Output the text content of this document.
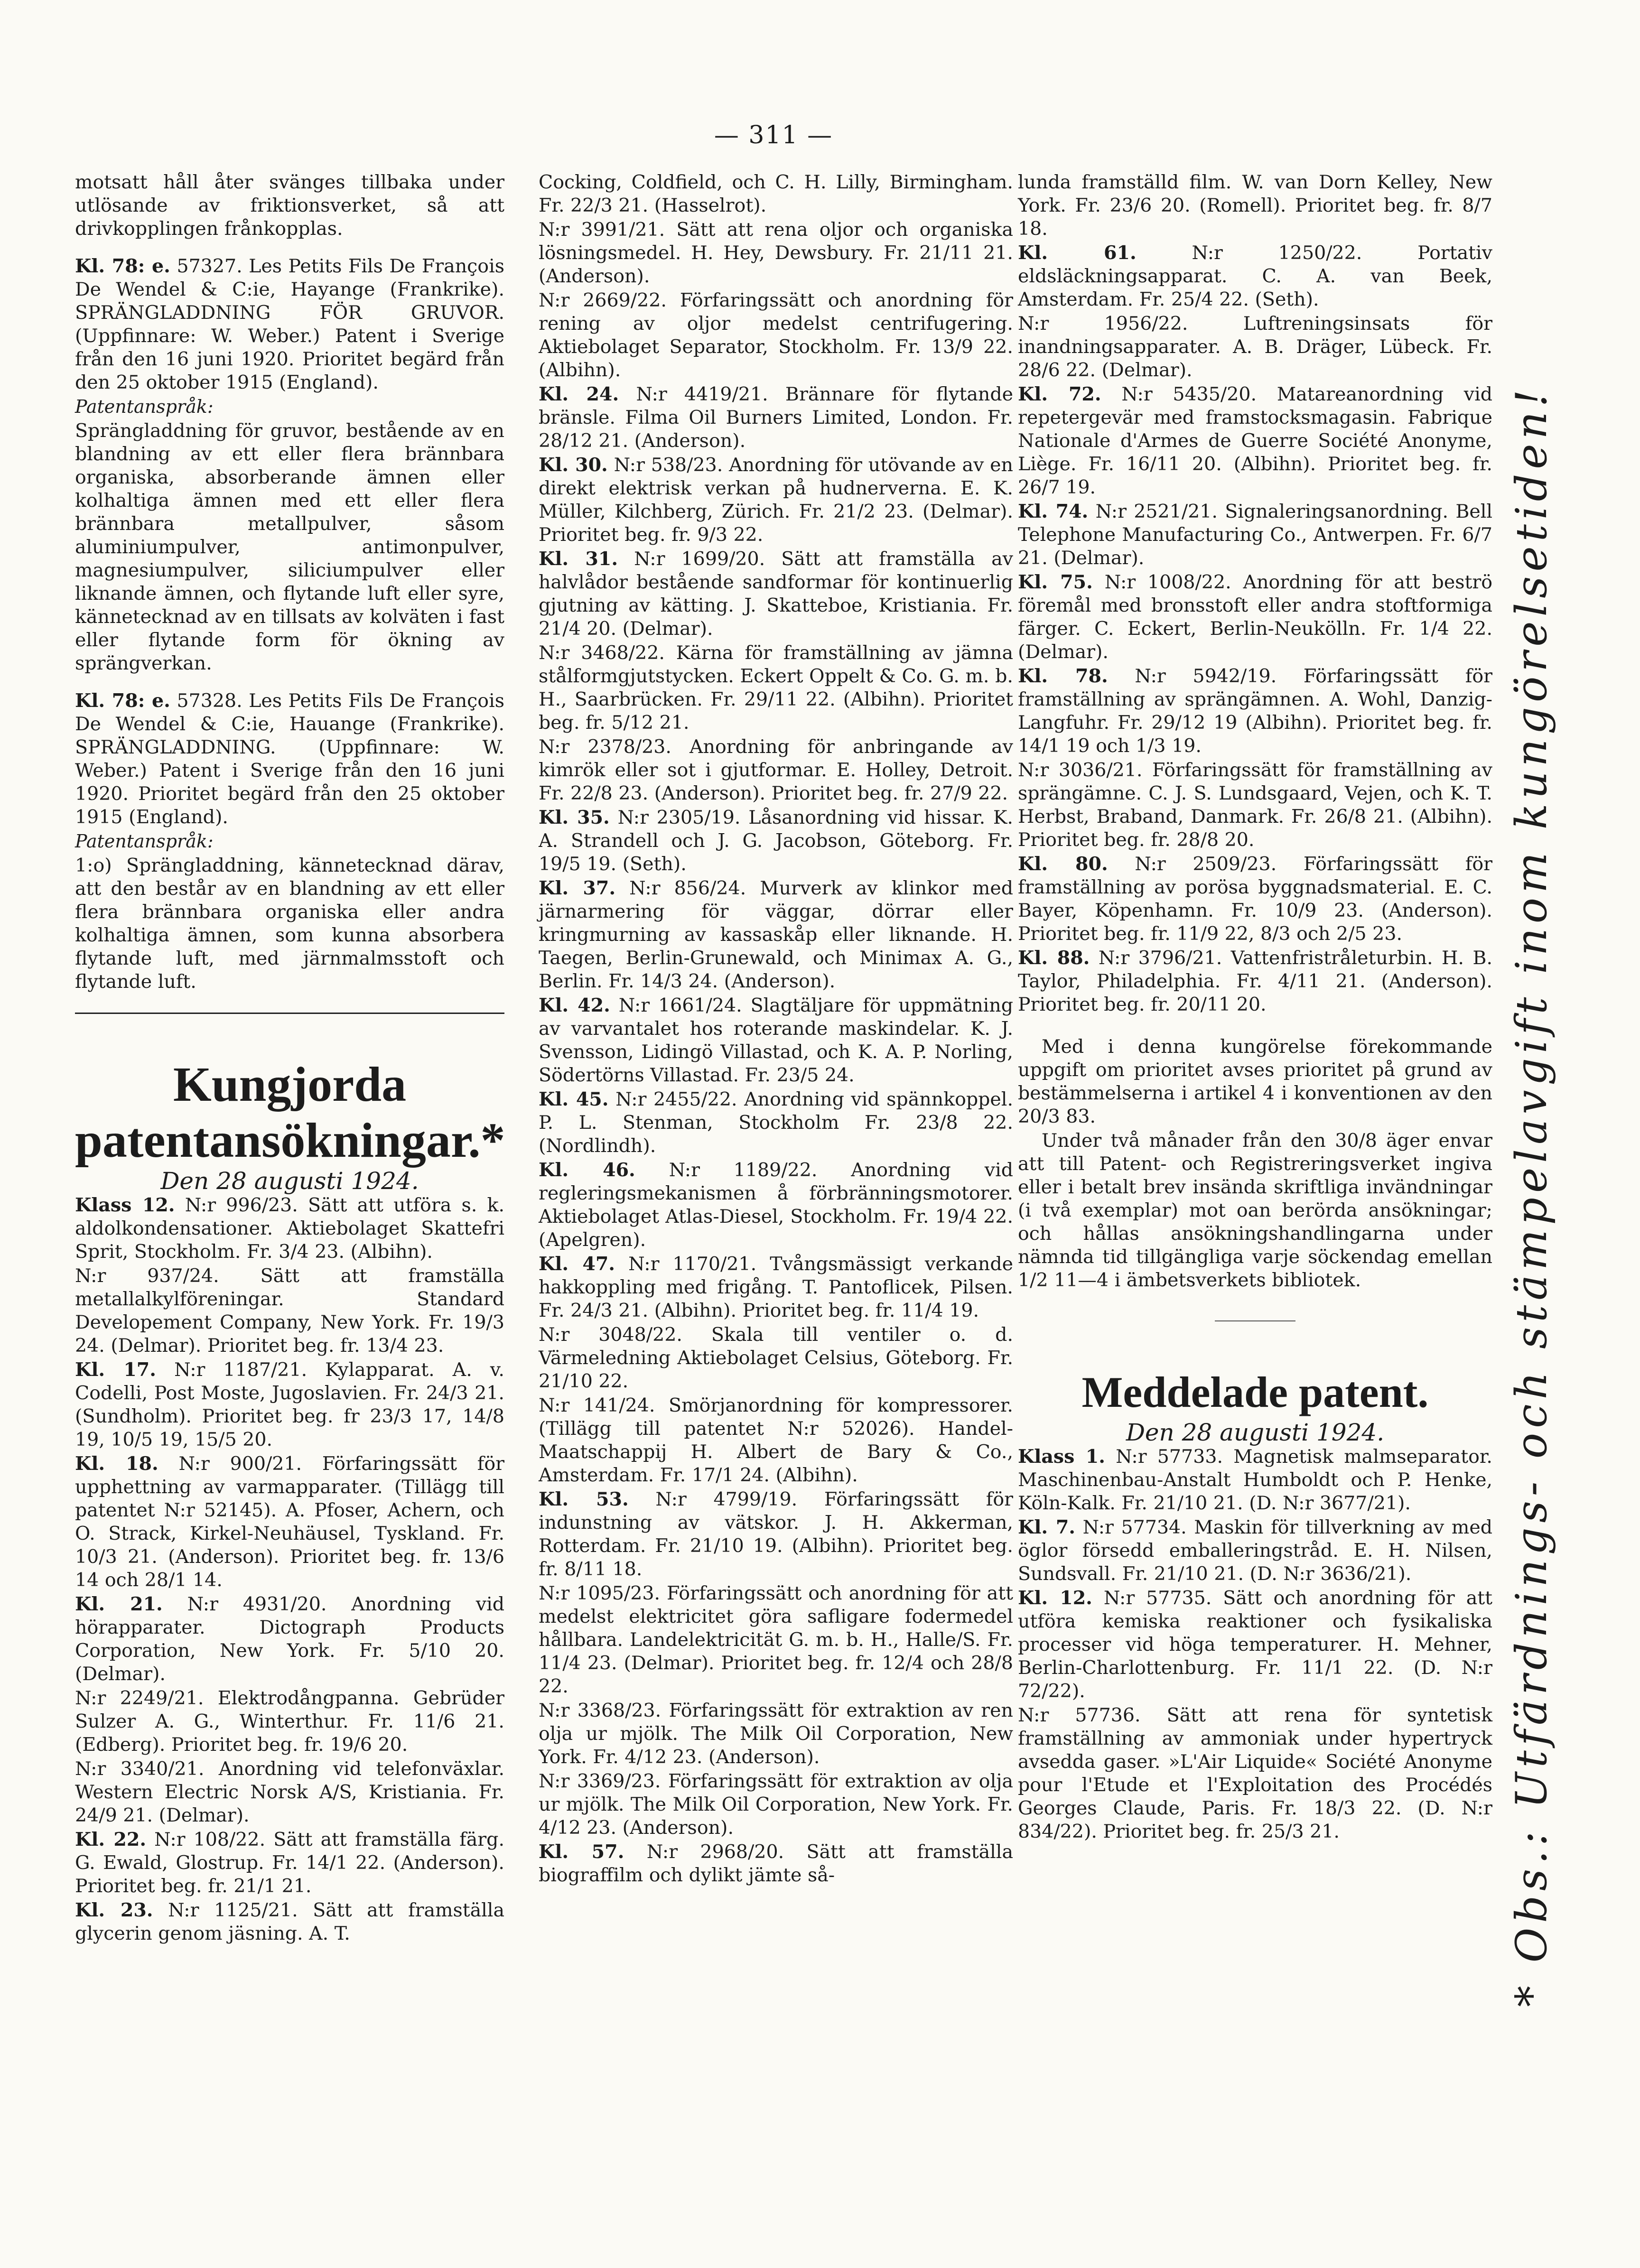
— 311 —

motsatt håll åter svänges tillbaka under utlösande av friktionsverket, så att drivkopplingen frånkopplas.

Kl. 78: e. 57327. Les Petits Fils De François De Wendel & C:ie, Hayange (Frankrike). SPRÄNGLADDNING FÖR GRUVOR. (Uppfinnare: W. Weber.) Patent i Sverige från den 16 juni 1920. Prioritet begärd från den 25 oktober 1915 (England).

Patentanspråk:

Sprängladdning för gruvor, bestående av en blandning av ett eller flera brännbara organiska, absorberande ämnen eller kolhaltiga ämnen med ett eller flera brännbara metallpulver, såsom aluminiumpulver, antimonpulver, magnesiumpulver, siliciumpulver eller liknande ämnen, och flytande luft eller syre, kännetecknad av en tillsats av kolväten i fast eller flytande form för ökning av sprängverkan.

Kl. 78: e. 57328. Les Petits Fils De François De Wendel & C:ie, Hauange (Frankrike). SPRÄNGLADDNING. (Uppfinnare: W. Weber.) Patent i Sverige från den 16 juni 1920. Prioritet begärd från den 25 oktober 1915 (England).

Patentanspråk:

1:o) Sprängladdning, kännetecknad därav, att den består av en blandning av ett eller flera brännbara organiska eller andra kolhaltiga ämnen, som kunna absorbera flytande luft, med järnmalmsstoft och flytande luft.

Kungjorda patentansökningar.*

Den 28 augusti 1924.

Klass 12. N:r 996/23. Sätt att utföra s. k. aldolkondensationer. Aktiebolaget Skattefri Sprit, Stockholm. Fr. 3/4 23. (Albihn).

N:r 937/24. Sätt att framställa metallalkylföreningar. Standard Developement Company, New York. Fr. 19/3 24. (Delmar). Prioritet beg. fr. 13/4 23.

Kl. 17. N:r 1187/21. Kylapparat. A. v. Codelli, Post Moste, Jugoslavien. Fr. 24/3 21. (Sundholm). Prioritet beg. fr 23/3 17, 14/8 19, 10/5 19, 15/5 20.

Kl. 18. N:r 900/21. Förfaringssätt för upphettning av varmapparater. (Tillägg till patentet N:r 52145). A. Pfoser, Achern, och O. Strack, Kirkel-Neuhäusel, Tyskland. Fr. 10/3 21. (Anderson). Prioritet beg. fr. 13/6 14 och 28/1 14.

Kl. 21. N:r 4931/20. Anordning vid hörapparater. Dictograph Products Corporation, New York. Fr. 5/10 20. (Delmar).

N:r 2249/21. Elektrodångpanna. Gebrüder Sulzer A. G., Winterthur. Fr. 11/6 21. (Edberg). Prioritet beg. fr. 19/6 20.

N:r 3340/21. Anordning vid telefonväxlar. Western Electric Norsk A/S, Kristiania. Fr. 24/9 21. (Delmar).

Kl. 22. N:r 108/22. Sätt att framställa färg. G. Ewald, Glostrup. Fr. 14/1 22. (Anderson). Prioritet beg. fr. 21/1 21.

Kl. 23. N:r 1125/21. Sätt att framställa glycerin genom jäsning. A. T.

Cocking, Coldfield, och C. H. Lilly, Birmingham. Fr. 22/3 21. (Hasselrot).

N:r 3991/21. Sätt att rena oljor och organiska lösningsmedel. H. Hey, Dewsbury. Fr. 21/11 21. (Anderson).

N:r 2669/22. Förfaringssätt och anordning för rening av oljor medelst centrifugering. Aktiebolaget Separator, Stockholm. Fr. 13/9 22. (Albihn).

Kl. 24. N:r 4419/21. Brännare för flytande bränsle. Filma Oil Burners Limited, London. Fr. 28/12 21. (Anderson).

Kl. 30. N:r 538/23. Anordning för utövande av en direkt elektrisk verkan på hudnerverna. E. K. Müller, Kilchberg, Zürich. Fr. 21/2 23. (Delmar). Prioritet beg. fr. 9/3 22.

Kl. 31. N:r 1699/20. Sätt att framställa av halvlådor bestående sandformar för kontinuerlig gjutning av kätting. J. Skatteboe, Kristiania. Fr. 21/4 20. (Delmar).

N:r 3468/22. Kärna för framställning av jämna stålformgjutstycken. Eckert Oppelt & Co. G. m. b. H., Saarbrücken. Fr. 29/11 22. (Albihn). Prioritet beg. fr. 5/12 21.

N:r 2378/23. Anordning för anbringande av kimrök eller sot i gjutformar. E. Holley, Detroit. Fr. 22/8 23. (Anderson). Prioritet beg. fr. 27/9 22.

Kl. 35. N:r 2305/19. Låsanordning vid hissar. K. A. Strandell och J. G. Jacobson, Göteborg. Fr. 19/5 19. (Seth).

Kl. 37. N:r 856/24. Murverk av klinkor med järnarmering för väggar, dörrar eller kringmurning av kassaskåp eller liknande. H. Taegen, Berlin-Grunewald, och Minimax A. G., Berlin. Fr. 14/3 24. (Anderson).

Kl. 42. N:r 1661/24. Slagtäljare för uppmätning av varvantalet hos roterande maskindelar. K. J. Svensson, Lidingö Villastad, och K. A. P. Norling, Södertörns Villastad. Fr. 23/5 24.

Kl. 45. N:r 2455/22. Anordning vid spännkoppel. P. L. Stenman, Stockholm Fr. 23/8 22. (Nordlindh).

Kl. 46. N:r 1189/22. Anordning vid regleringsmekanismen å förbränningsmotorer. Aktiebolaget Atlas-Diesel, Stockholm. Fr. 19/4 22. (Apelgren).

Kl. 47. N:r 1170/21. Tvångsmässigt verkande hakkoppling med frigång. T. Pantoflicek, Pilsen. Fr. 24/3 21. (Albihn). Prioritet beg. fr. 11/4 19.

N:r 3048/22. Skala till ventiler o. d. Värmeledning Aktiebolaget Celsius, Göteborg. Fr. 21/10 22.

N:r 141/24. Smörjanordning för kompressorer. (Tillägg till patentet N:r 52026). Handel-Maatschappij H. Albert de Bary & Co., Amsterdam. Fr. 17/1 24. (Albihn).

Kl. 53. N:r 4799/19. Förfaringssätt för indunstning av vätskor. J. H. Akkerman, Rotterdam. Fr. 21/10 19. (Albihn). Prioritet beg. fr. 8/11 18.

N:r 1095/23. Förfaringssätt och anordning för att medelst elektricitet göra safligare fodermedel hållbara. Landelektricität G. m. b. H., Halle/S. Fr. 11/4 23. (Delmar). Prioritet beg. fr. 12/4 och 28/8 22.

N:r 3368/23. Förfaringssätt för extraktion av ren olja ur mjölk. The Milk Oil Corporation, New York. Fr. 4/12 23. (Anderson).

N:r 3369/23. Förfaringssätt för extraktion av olja ur mjölk. The Milk Oil Corporation, New York. Fr. 4/12 23. (Anderson).

Kl. 57. N:r 2968/20. Sätt att framställa biograffilm och dylikt jämte så-

lunda framställd film. W. van Dorn Kelley, New York. Fr. 23/6 20. (Romell). Prioritet beg. fr. 8/7 18.

Kl. 61. N:r 1250/22. Portativ eldsläckningsapparat. C. A. van Beek, Amsterdam. Fr. 25/4 22. (Seth).

N:r 1956/22. Luftreningsinsats för inandningsapparater. A. B. Dräger, Lübeck. Fr. 28/6 22. (Delmar).

Kl. 72. N:r 5435/20. Matareanordning vid repetergevär med framstocksmagasin. Fabrique Nationale d'Armes de Guerre Société Anonyme, Liège. Fr. 16/11 20. (Albihn). Prioritet beg. fr. 26/7 19.

Kl. 74. N:r 2521/21. Signaleringsanordning. Bell Telephone Manufacturing Co., Antwerpen. Fr. 6/7 21. (Delmar).

Kl. 75. N:r 1008/22. Anordning för att beströ föremål med bronsstoft eller andra stoftformiga färger. C. Eckert, Berlin-Neukölln. Fr. 1/4 22. (Delmar).

Kl. 78. N:r 5942/19. Förfaringssätt för framställning av sprängämnen. A. Wohl, Danzig-Langfuhr. Fr. 29/12 19 (Albihn). Prioritet beg. fr. 14/1 19 och 1/3 19.

N:r 3036/21. Förfaringssätt för framställning av sprängämne. C. J. S. Lundsgaard, Vejen, och K. T. Herbst, Braband, Danmark. Fr. 26/8 21. (Albihn). Prioritet beg. fr. 28/8 20.

Kl. 80. N:r 2509/23. Förfaringssätt för framställning av porösa byggnadsmaterial. E. C. Bayer, Köpenhamn. Fr. 10/9 23. (Anderson). Prioritet beg. fr. 11/9 22, 8/3 och 2/5 23.

Kl. 88. N:r 3796/21. Vattenfristråleturbin. H. B. Taylor, Philadelphia. Fr. 4/11 21. (Anderson). Prioritet beg. fr. 20/11 20.

Med i denna kungörelse förekommande uppgift om prioritet avses prioritet på grund av bestämmelserna i artikel 4 i konventionen av den 20/3 83.

Under två månader från den 30/8 äger envar att till Patent- och Registreringsverket ingiva eller i betalt brev insända skriftliga invändningar (i två exemplar) mot oan berörda ansökningar; och hållas ansökningshandlingarna under nämnda tid tillgängliga varje söckendag emellan 1/2 11—4 i ämbetsverkets bibliotek.

Meddelade patent.

Den 28 augusti 1924.

Klass 1. N:r 57733. Magnetisk malmseparator. Maschinenbau-Anstalt Humboldt och P. Henke, Köln-Kalk. Fr. 21/10 21. (D. N:r 3677/21).

Kl. 7. N:r 57734. Maskin för tillverkning av med öglor försedd emballeringstråd. E. H. Nilsen, Sundsvall. Fr. 21/10 21. (D. N:r 3636/21).

Kl. 12. N:r 57735. Sätt och anordning för att utföra kemiska reaktioner och fysikaliska processer vid höga temperaturer. H. Mehner, Berlin-Charlottenburg. Fr. 11/1 22. (D. N:r 72/22).

N:r 57736. Sätt att rena för syntetisk framställning av ammoniak under hypertryck avsedda gaser. »L'Air Liquide« Société Anonyme pour l'Etude et l'Exploitation des Procédés Georges Claude, Paris. Fr. 18/3 22. (D. N:r 834/22). Prioritet beg. fr. 25/3 21.	* Obs.: Utfärdnings- och stämpelavgift inom kungörelsetiden!
